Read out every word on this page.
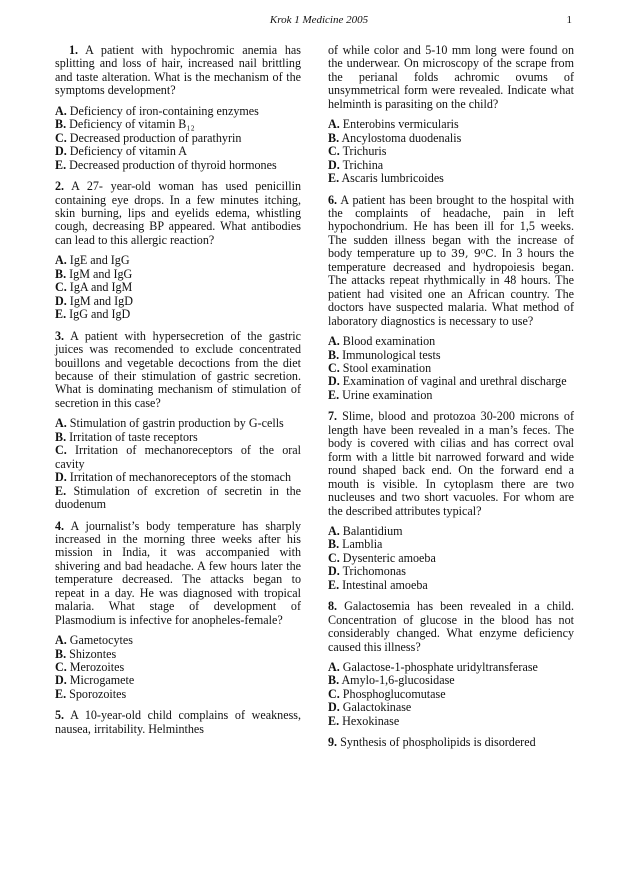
Krok 1 Medicine 2005	1

1. A patient with hypochromic anemia has splitting and loss of hair, increased nail brittling and taste alteration. What is the mechanism of the symptoms development?

A. Deficiency of iron-containing enzymes

B. Deficiency of vitamin B₁₂

C. Decreased production of parathyrin

D. Deficiency of vitamin A

E. Decreased production of thyroid hormones

2. A 27- year-old woman has used penicillin containing eye drops. In a few minutes itching, skin burning, lips and eyelids edema, whistling cough, decreasing BP appeared. What antibodies can lead to this allergic reaction?

A. IgE and IgG

B. IgM and IgG

C. IgA and IgM

D. IgM and IgD

E. IgG and IgD

3. A patient with hypersecretion of the gastric juices was recomended to exclude concentrated bouillons and vegetable decoctions from the diet because of their stimulation of gastric secretion. What is dominating mechanism of stimulation of secretion in this case?

A. Stimulation of gastrin production by G-cells

B. Irritation of taste receptors

C. Irritation of mechanoreceptors of the oral cavity

D. Irritation of mechanoreceptors of the stomach

E. Stimulation of excretion of secretin in the duodenum

4. A journalist’s body temperature has sharply increased in the morning three weeks after his mission in India, it was accompanied with shivering and bad headache. A few hours later the temperature decreased. The attacks began to repeat in a day. He was diagnosed with tropical malaria. What stage of development of Plasmodium is infective for anopheles-female?

A. Gametocytes

B. Shizontes

C. Merozoites

D. Microgamete

E. Sporozoites

5. A 10-year-old child complains of weakness, nausea, irritability. Helminthes

of while color and 5-10 mm long were found on the underwear. On microscopy of the scrape from the perianal folds achromic ovums of unsymmetrical form were revealed. Indicate what helminth is parasiting on the child?

A. Enterobins vermicularis

B. Ancylostoma duodenalis

C. Trichuris

D. Trichina

E. Ascaris lumbricoides

6. A patient has been brought to the hospital with the complaints of headache, pain in left hypochondrium. He has been ill for 1,5 weeks. The sudden illness began with the increase of body temperature up to 39, 9⁰C. In 3 hours the temperature decreased and hydropoiesis began. The attacks repeat rhythmically in 48 hours. The patient had visited one an African country. The doctors have suspected malaria. What method of laboratory diagnostics is necessary to use?

A. Blood examination

B. Immunological tests

C. Stool examination

D. Examination of vaginal and urethral discharge

E. Urine examination

7. Slime, blood and protozoa 30-200 microns of length have been revealed in a man’s feces. The body is covered with cilias and has correct oval form with a little bit narrowed forward and wide round shaped back end. On the forward end a mouth is visible. In cytoplasm there are two nucleuses and two short vacuoles. For whom are the described attributes typical?

A. Balantidium

B. Lamblia

C. Dysenteric amoeba

D. Trichomonas

E. Intestinal amoeba

8. Galactosemia has been revealed in a child. Concentration of glucose in the blood has not considerably changed. What enzyme deficiency caused this illness?

A. Galactose-1-phosphate uridyltransferase

B. Amylo-1,6-glucosidase

C. Phosphoglucomutase

D. Galactokinase

E. Hexokinase

9. Synthesis of phospholipids is disordered
